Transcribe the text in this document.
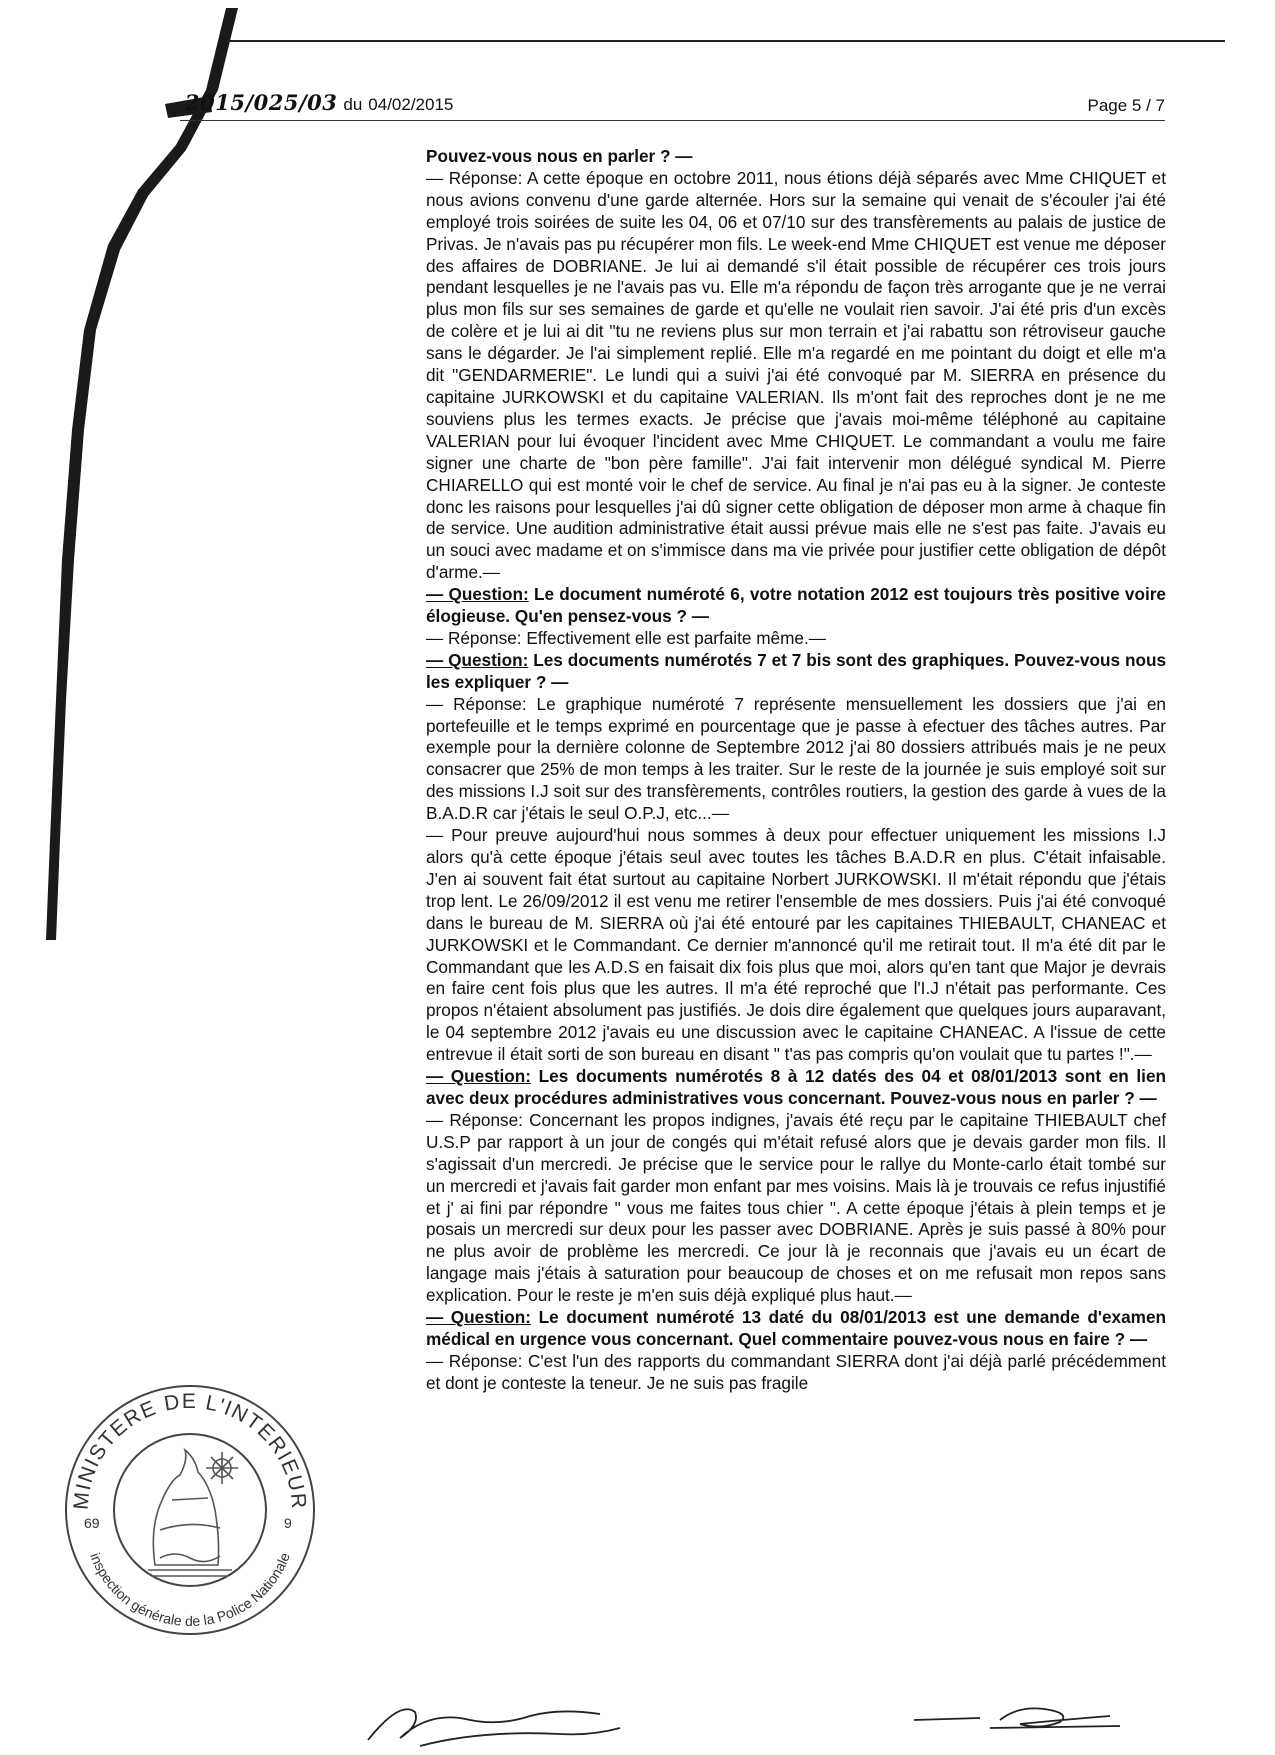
2015/025/03 du 04/02/2015	Page 5 / 7

Pouvez-vous nous en parler ? —

— Réponse: A cette époque en octobre 2011, nous étions déjà séparés avec Mme CHIQUET et nous avions convenu d'une garde alternée. Hors sur la semaine qui venait de s'écouler j'ai été employé trois soirées de suite les 04, 06 et 07/10 sur des transfèrements au palais de justice de Privas. Je n'avais pas pu récupérer mon fils. Le week-end Mme CHIQUET est venue me déposer des affaires de DOBRIANE. Je lui ai demandé s'il était possible de récupérer ces trois jours pendant lesquelles je ne l'avais pas vu. Elle m'a répondu de façon très arrogante que je ne verrai plus mon fils sur ses semaines de garde et qu'elle ne voulait rien savoir. J'ai été pris d'un excès de colère et je lui ai dit "tu ne reviens plus sur mon terrain et j'ai rabattu son rétroviseur gauche sans le dégarder. Je l'ai simplement replié. Elle m'a regardé en me pointant du doigt et elle m'a dit "GENDARMERIE". Le lundi qui a suivi j'ai été convoqué par M. SIERRA en présence du capitaine JURKOWSKI et du capitaine VALERIAN. Ils m'ont fait des reproches dont je ne me souviens plus les termes exacts. Je précise que j'avais moi-même téléphoné au capitaine VALERIAN pour lui évoquer l'incident avec Mme CHIQUET. Le commandant a voulu me faire signer une charte de "bon père famille". J'ai fait intervenir mon délégué syndical M. Pierre CHIARELLO qui est monté voir le chef de service. Au final je n'ai pas eu à la signer. Je conteste donc les raisons pour lesquelles j'ai dû signer cette obligation de déposer mon arme à chaque fin de service. Une audition administrative était aussi prévue mais elle ne s'est pas faite. J'avais eu un souci avec madame et on s'immisce dans ma vie privée pour justifier cette obligation de dépôt d'arme.—

— Question: Le document numéroté 6, votre notation 2012 est toujours très positive voire élogieuse. Qu'en pensez-vous ? —

— Réponse: Effectivement elle est parfaite même.—

— Question: Les documents numérotés 7 et 7 bis sont des graphiques. Pouvez-vous nous les expliquer ? —

— Réponse: Le graphique numéroté 7 représente mensuellement les dossiers que j'ai en portefeuille et le temps exprimé en pourcentage que je passe à efectuer des tâches autres. Par exemple pour la dernière colonne de Septembre 2012 j'ai 80 dossiers attribués mais je ne peux consacrer que 25% de mon temps à les traiter. Sur le reste de la journée je suis employé soit sur des missions I.J soit sur des transfèrements, contrôles routiers, la gestion des garde à vues de la B.A.D.R car j'étais le seul O.P.J, etc...—

— Pour preuve aujourd'hui nous sommes à deux pour effectuer uniquement les missions I.J alors qu'à cette époque j'étais seul avec toutes les tâches B.A.D.R en plus. C'était infaisable. J'en ai souvent fait état surtout au capitaine Norbert JURKOWSKI. Il m'était répondu que j'étais trop lent. Le 26/09/2012 il est venu me retirer l'ensemble de mes dossiers. Puis j'ai été convoqué dans le bureau de M. SIERRA où j'ai été entouré par les capitaines THIEBAULT, CHANEAC et JURKOWSKI et le Commandant. Ce dernier m'annoncé qu'il me retirait tout. Il m'a été dit par le Commandant que les A.D.S en faisait dix fois plus que moi, alors qu'en tant que Major je devrais en faire cent fois plus que les autres. Il m'a été reproché que l'I.J n'était pas performante. Ces propos n'étaient absolument pas justifiés. Je dois dire également que quelques jours auparavant, le 04 septembre 2012 j'avais eu une discussion avec le capitaine CHANEAC. A l'issue de cette entrevue il était sorti de son bureau en disant " t'as pas compris qu'on voulait que tu partes !".—

— Question: Les documents numérotés 8 à 12 datés des 04 et 08/01/2013 sont en lien avec deux procédures administratives vous concernant. Pouvez-vous nous en parler ? —

— Réponse: Concernant les propos indignes, j'avais été reçu par le capitaine THIEBAULT chef U.S.P par rapport à un jour de congés qui m'était refusé alors que je devais garder mon fils. Il s'agissait d'un mercredi. Je précise que le service pour le rallye du Monte-carlo était tombé sur un mercredi et j'avais fait garder mon enfant par mes voisins. Mais là je trouvais ce refus injustifié et j' ai fini par répondre " vous me faites tous chier ". A cette époque j'étais à plein temps et je posais un mercredi sur deux pour les passer avec DOBRIANE. Après je suis passé à 80% pour ne plus avoir de problème les mercredi. Ce jour là je reconnais que j'avais eu un écart de langage mais j'étais à saturation pour beaucoup de choses et on me refusait mon repos sans explication. Pour le reste je m'en suis déjà expliqué plus haut.—

— Question: Le document numéroté 13 daté du 08/01/2013 est une demande d'examen médical en urgence vous concernant. Quel commentaire pouvez-vous nous en faire ? —

— Réponse: C'est l'un des rapports du commandant SIERRA dont j'ai déjà parlé précédemment et dont je conteste la teneur. Je ne suis pas fragile

MINISTERE DE L'INTERIEUR
inspection générale de la Police Nationale
69	9
